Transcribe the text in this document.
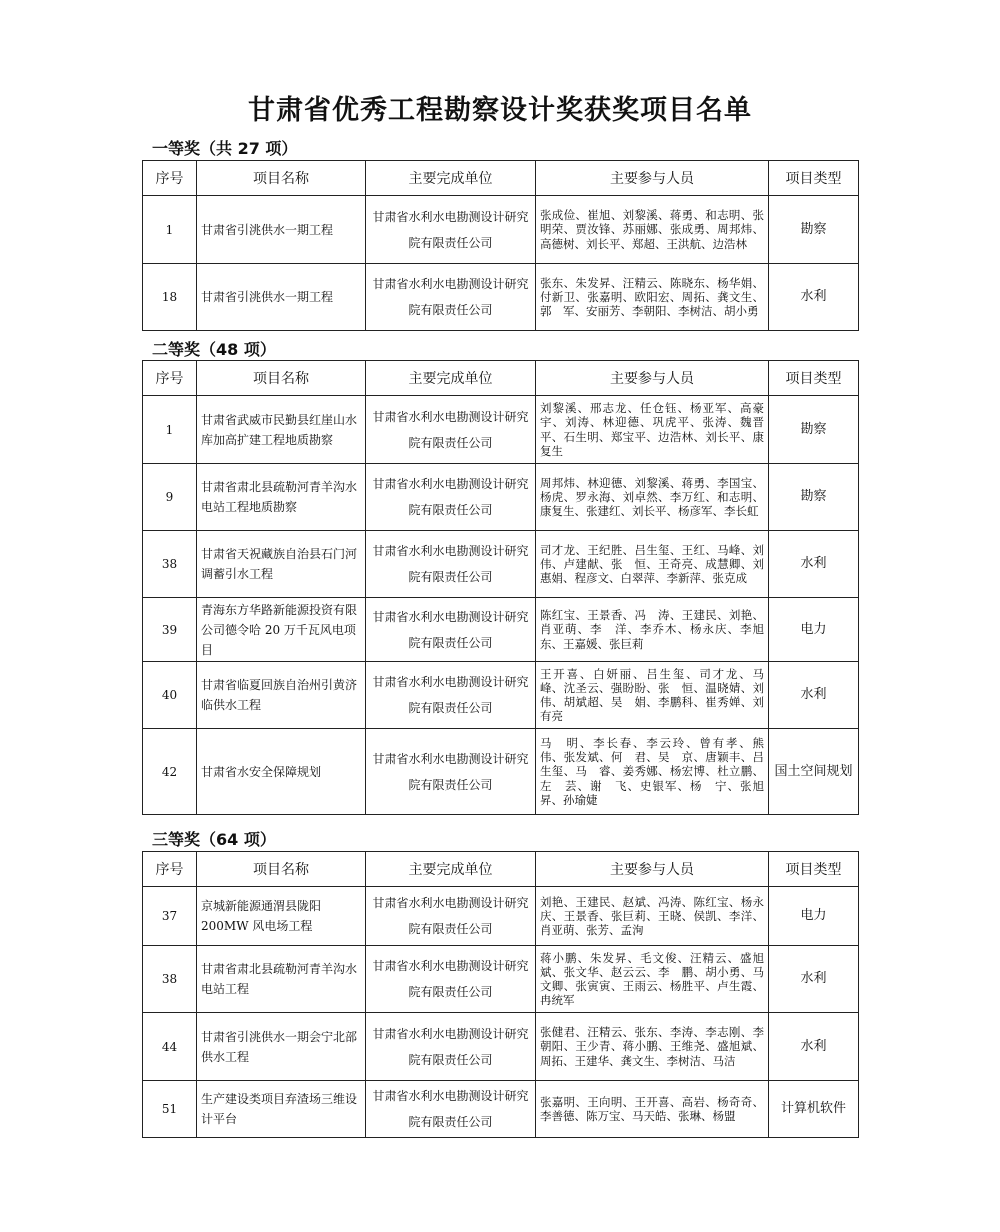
甘肃省优秀工程勘察设计奖获奖项目名单
一等奖（共 27 项）
序号	项目名称	主要完成单位	主要参与人员	项目类型
1	甘肃省引洮供水一期工程	甘肃省水利水电勘测设计研究院有限责任公司	张成俭、崔旭、刘黎溪、蒋勇、和志明、张明荣、贾汝锋、苏丽娜、张成勇、周邦炜、高德树、刘长平、郑超、王洪航、边浩林	勘察
18	甘肃省引洮供水一期工程	甘肃省水利水电勘测设计研究院有限责任公司	张东、朱发昇、汪精云、陈晓东、杨华娟、付新卫、张嘉明、欧阳宏、周拓、龚文生、郭　军、安丽芳、李朝阳、李树洁、胡小勇	水利
二等奖（48 项）
序号	项目名称	主要完成单位	主要参与人员	项目类型
1	甘肃省武威市民勤县红崖山水库加高扩建工程地质勘察	甘肃省水利水电勘测设计研究院有限责任公司	刘黎溪、邢志龙、任仓钰、杨亚军、高豪宇、刘涛、林迎德、巩虎平、张涛、魏晋平、石生明、郑宝平、边浩林、刘长平、康复生	勘察
9	甘肃省肃北县疏勒河青羊沟水电站工程地质勘察	甘肃省水利水电勘测设计研究院有限责任公司	周邦炜、林迎德、刘黎溪、蒋勇、李国宝、杨虎、罗永海、刘卓然、李万红、和志明、康复生、张建红、刘长平、杨彦军、李长虹	勘察
38	甘肃省天祝藏族自治县石门河调蓄引水工程	甘肃省水利水电勘测设计研究院有限责任公司	司才龙、王纪胜、吕生玺、王红、马峰、刘　伟、卢建献、张　恒、王奇亮、成慧卿、刘惠娟、程彦文、白翠萍、李新萍、张克成	水利
39	青海东方华路新能源投资有限公司德令哈 20 万千瓦风电项目	甘肃省水利水电勘测设计研究院有限责任公司	陈红宝、王景香、冯　涛、王建民、刘艳、肖亚萌、李　洋、李乔木、杨永庆、李旭东、王嘉媛、张巨莉	电力
40	甘肃省临夏回族自治州引黄济临供水工程	甘肃省水利水电勘测设计研究院有限责任公司	王开喜、白妍丽、吕生玺、司才龙、马　峰、沈圣云、强盼盼、张　恒、温晓婧、刘　伟、胡斌超、吴　娟、李鹏科、崔秀婵、刘有亮	水利
42	甘肃省水安全保障规划	甘肃省水利水电勘测设计研究院有限责任公司	马　明、李长春、李云玲、曾有孝、熊　伟、张发斌、何　君、吴　京、唐颖丰、吕生玺、马　睿、姜秀娜、杨宏博、杜立鹏、左　芸、谢　飞、史银军、杨　宁、张旭昇、孙瑜婕	国土空间规划
三等奖（64 项）
序号	项目名称	主要完成单位	主要参与人员	项目类型
37	京城新能源通渭县陇阳200MW 风电场工程	甘肃省水利水电勘测设计研究院有限责任公司	刘艳、王建民、赵斌、冯涛、陈红宝、杨永庆、王景香、张巨莉、王晓、侯凯、李洋、肖亚萌、张芳、孟洵	电力
38	甘肃省肃北县疏勒河青羊沟水电站工程	甘肃省水利水电勘测设计研究院有限责任公司	蒋小鹏、朱发昇、毛文俊、汪精云、盛旭斌、张文华、赵云云、李　鹏、胡小勇、马文卿、张寅寅、王雨云、杨胜平、卢生霞、冉统军	水利
44	甘肃省引洮供水一期会宁北部供水工程	甘肃省水利水电勘测设计研究院有限责任公司	张健君、汪精云、张东、李涛、李志刚、李朝阳、王少青、蒋小鹏、王维尧、盛旭斌、周拓、王建华、龚文生、李树洁、马洁	水利
51	生产建设类项目弃渣场三维设计平台	甘肃省水利水电勘测设计研究院有限责任公司	张嘉明、王向明、王开喜、高岩、杨奇奇、李善德、陈万宝、马天皓、张琳、杨盟	计算机软件
